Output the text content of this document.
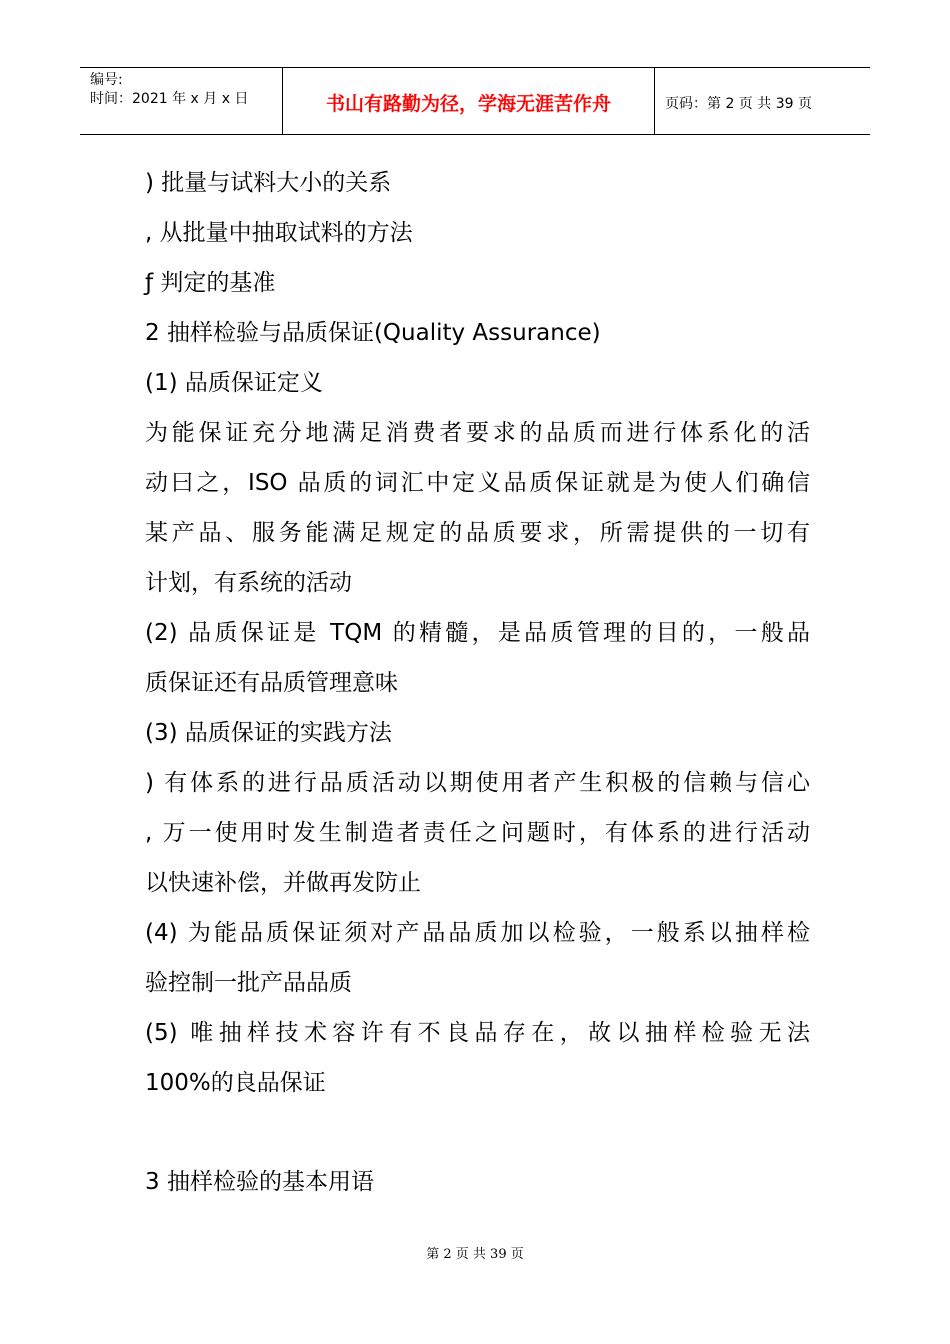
编号:
时间：2021 年 x 月 x 日	书山有路勤为径，学海无涯苦作舟	页码：第 2 页 共 39 页
) 批量与试料大小的关系
, 从批量中抽取试料的方法
ƒ 判定的基准
2 抽样检验与品质保证(Quality Assurance)
(1) 品质保证定义
为能保证充分地满足消费者要求的品质而进行体系化的活
动曰之，ISO 品质的词汇中定义品质保证就是为使人们确信
某产品、服务能满足规定的品质要求，所需提供的一切有
计划，有系统的活动
(2) 品质保证是 TQM 的精髓，是品质管理的目的，一般品
质保证还有品质管理意味
(3) 品质保证的实践方法
) 有体系的进行品质活动以期使用者产生积极的信赖与信心
, 万一使用时发生制造者责任之问题时，有体系的进行活动
以快速补偿，并做再发防止
(4) 为能品质保证须对产品品质加以检验，一般系以抽样检
验控制一批产品品质
(5) 唯抽样技术容许有不良品存在，故以抽样检验无法
100%的良品保证
3 抽样检验的基本用语
第 2 页 共 39 页
